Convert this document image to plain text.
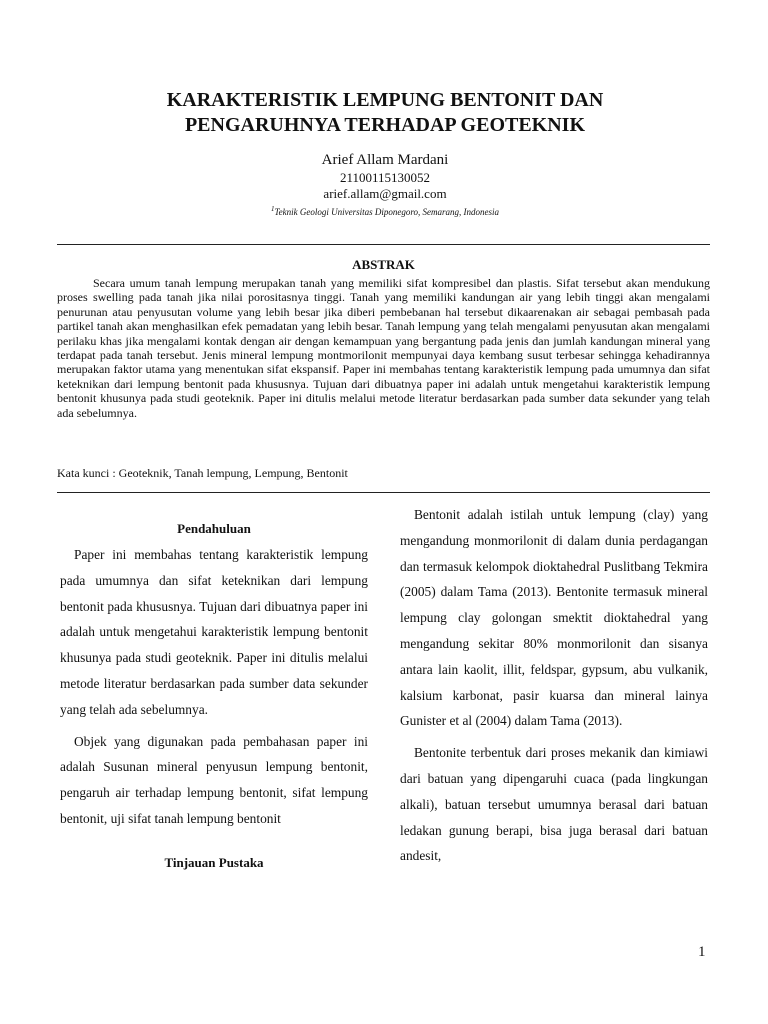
KARAKTERISTIK LEMPUNG BENTONIT DAN
PENGARUHNYA TERHADAP GEOTEKNIK
Arief Allam Mardani
21100115130052
arief.allam@gmail.com
$^1$Teknik Geologi Universitas Diponegoro, Semarang, Indonesia
ABSTRAK

Secara umum tanah lempung merupakan tanah yang memiliki sifat kompresibel dan plastis. Sifat tersebut akan mendukung proses swelling pada tanah jika nilai porositasnya tinggi. Tanah yang memiliki kandungan air yang lebih tinggi akan mengalami penurunan atau penyusutan volume yang lebih besar jika diberi pembebanan hal tersebut dikaarenakan air sebagai pembasah pada partikel tanah akan menghasilkan efek pemadatan yang lebih besar. Tanah lempung yang telah mengalami penyusutan akan mengalami perilaku khas jika mengalami kontak dengan air dengan kemampuan yang bergantung pada jenis dan jumlah kandungan mineral yang terdapat pada tanah tersebut. Jenis mineral lempung montmorilonit mempunyai daya kembang susut terbesar sehingga kehadirannya merupakan faktor utama yang menentukan sifat ekspansif. Paper ini membahas tentang karakteristik lempung pada umumnya dan sifat keteknikan dari lempung bentonit pada khususnya. Tujuan dari dibuatnya paper ini adalah untuk mengetahui karakteristik lempung bentonit khusunya pada studi geoteknik. Paper ini ditulis melalui metode literatur berdasarkan pada sumber data sekunder yang telah ada sebelumnya.

Kata kunci : Geoteknik, Tanah lempung, Lempung, Bentonit
Pendahuluan

Paper ini membahas tentang karakteristik lempung pada umumnya dan sifat keteknikan dari lempung bentonit pada khususnya. Tujuan dari dibuatnya paper ini adalah untuk mengetahui karakteristik lempung bentonit khusunya pada studi geoteknik. Paper ini ditulis melalui metode literatur berdasarkan pada sumber data sekunder yang telah ada sebelumnya.

Objek yang digunakan pada pembahasan paper ini adalah Susunan mineral penyusun lempung bentonit, pengaruh air terhadap lempung bentonit, sifat lempung bentonit, uji sifat tanah lempung bentonit

Tinjauan Pustaka

Bentonit adalah istilah untuk lempung (clay) yang mengandung monmorilonit di dalam dunia perdagangan dan termasuk kelompok dioktahedral Puslitbang Tekmira (2005) dalam Tama (2013). Bentonite termasuk mineral lempung clay golongan smektit dioktahedral yang mengandung sekitar 80% monmorilonit dan sisanya antara lain kaolit, illit, feldspar, gypsum, abu vulkanik, kalsium karbonat, pasir kuarsa dan mineral lainya Gunister et al (2004) dalam Tama (2013).

Bentonite terbentuk dari proses mekanik dan kimiawi dari batuan yang dipengaruhi cuaca (pada lingkungan alkali), batuan tersebut umumnya berasal dari batuan ledakan gunung berapi, bisa juga berasal dari batuan andesit,

1
